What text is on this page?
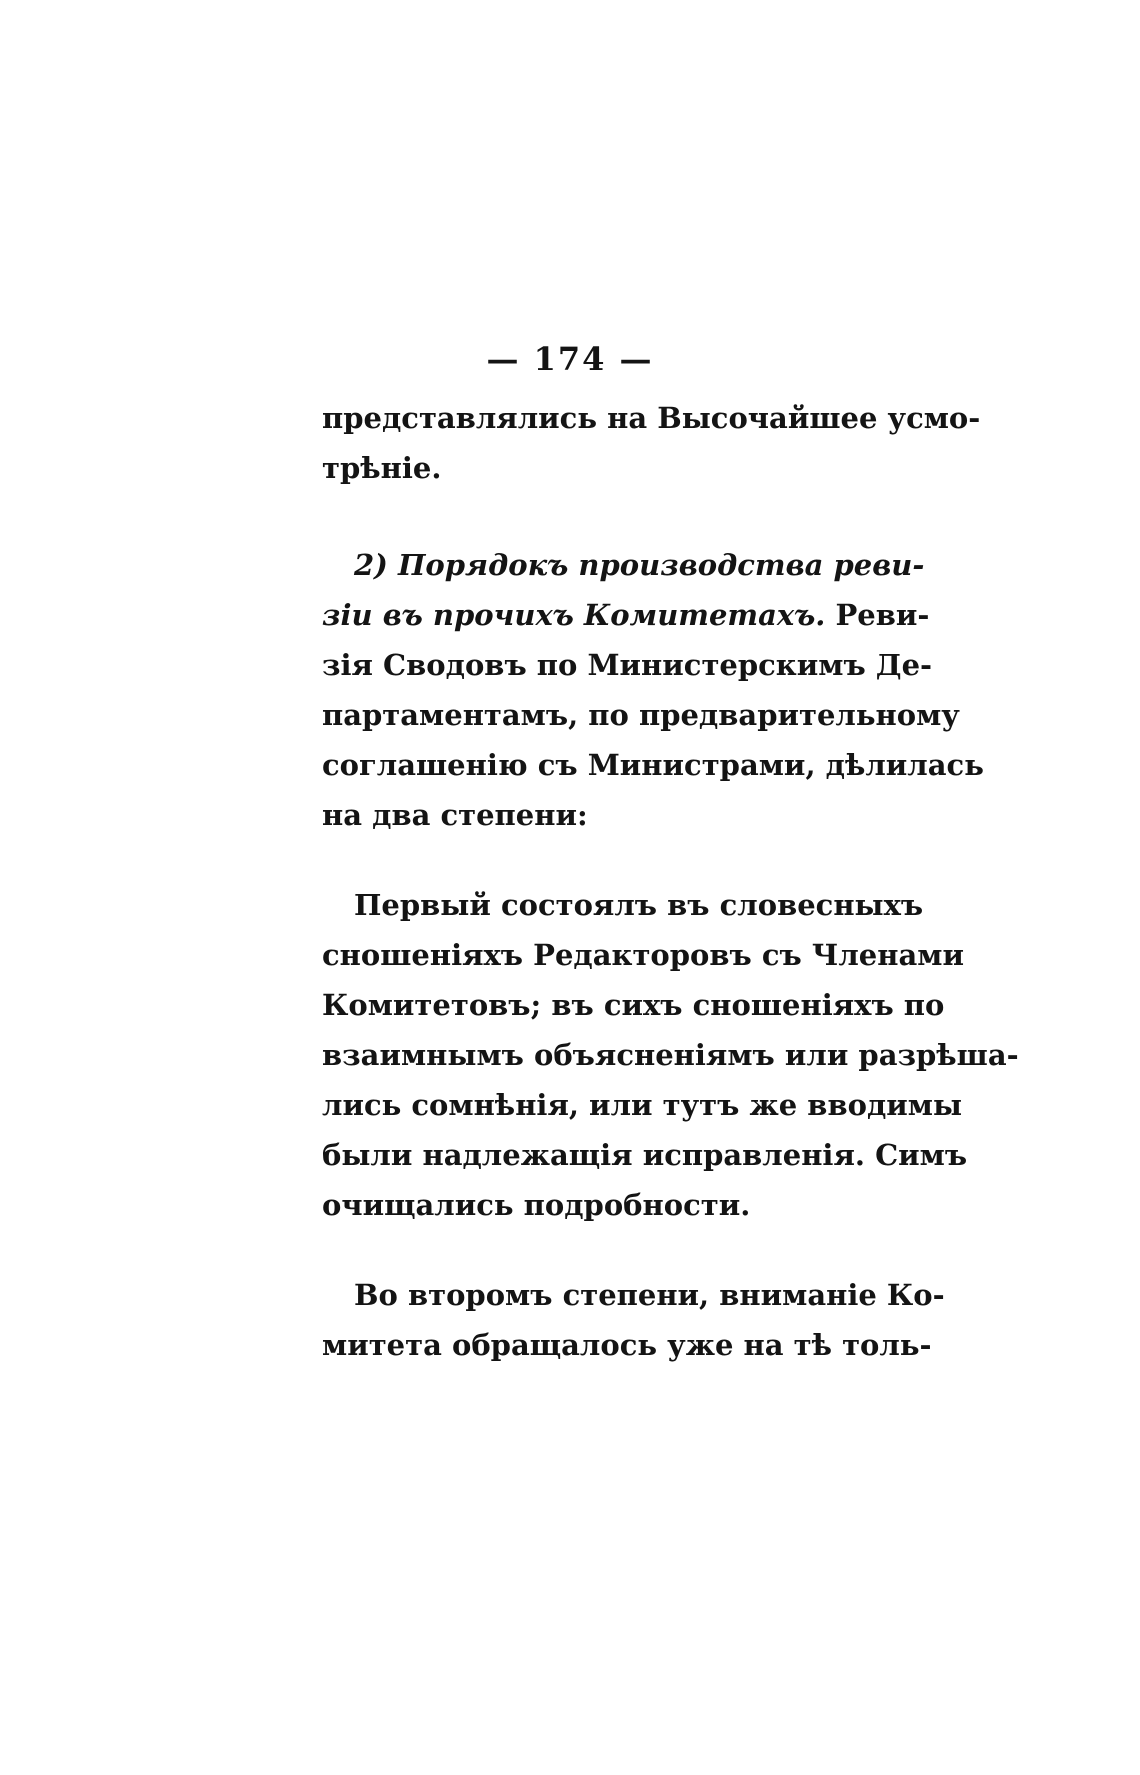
— 174 —
представлялись на Высочайшее усмо-
трѣніе.
2) Порядокъ производства реви-
зіи въ прочихъ Комитетахъ. Реви-
зія Сводовъ по Министерскимъ Де-
партаментамъ, по предварительному
соглашенію съ Министрами, дѣлилась
на два степени:
Первый состоялъ въ словесныхъ
сношеніяхъ Редакторовъ съ Членами
Комитетовъ; въ сихъ сношеніяхъ по
взаимнымъ объясненіямъ или разрѣша-
лись сомнѣнія, или тутъ же вводимы
были надлежащія исправленія. Симъ
очищались подробности.
Во второмъ степени, вниманіе Ко-
митета обращалось уже на тѣ толь-
